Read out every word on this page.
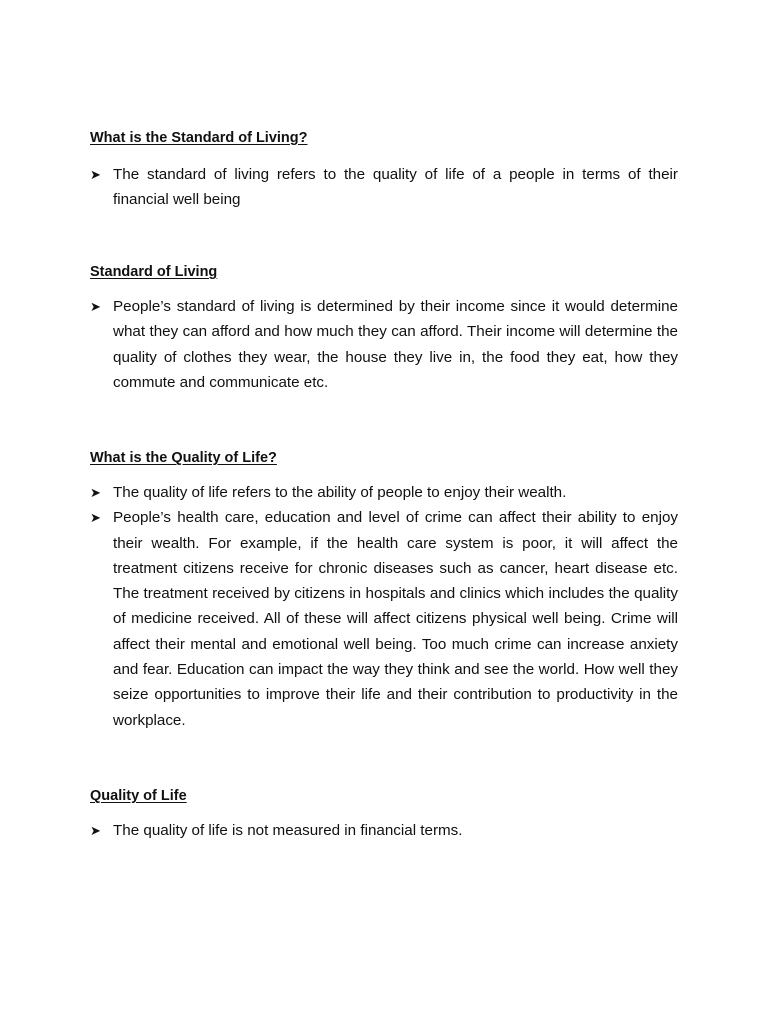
What is the Standard of Living?
➤ The standard of living refers to the quality of life of a people in terms of their financial well being
Standard of Living
➤ People’s standard of living is determined by their income since it would determine what they can afford and how much they can afford. Their income will determine the quality of clothes they wear, the house they live in, the food they eat, how they commute and communicate etc.
What is the Quality of Life?
➤ The quality of life refers to the ability of people to enjoy their wealth.
➤ People’s health care, education and level of crime can affect their ability to enjoy their wealth. For example, if the health care system is poor, it will affect the treatment citizens receive for chronic diseases such as cancer, heart disease etc. The treatment received by citizens in hospitals and clinics which includes the quality of medicine received. All of these will affect citizens physical well being. Crime will affect their mental and emotional well being. Too much crime can increase anxiety and fear. Education can impact the way they think and see the world. How well they seize opportunities to improve their life and their contribution to productivity in the workplace.
Quality of Life
➤ The quality of life is not measured in financial terms.
